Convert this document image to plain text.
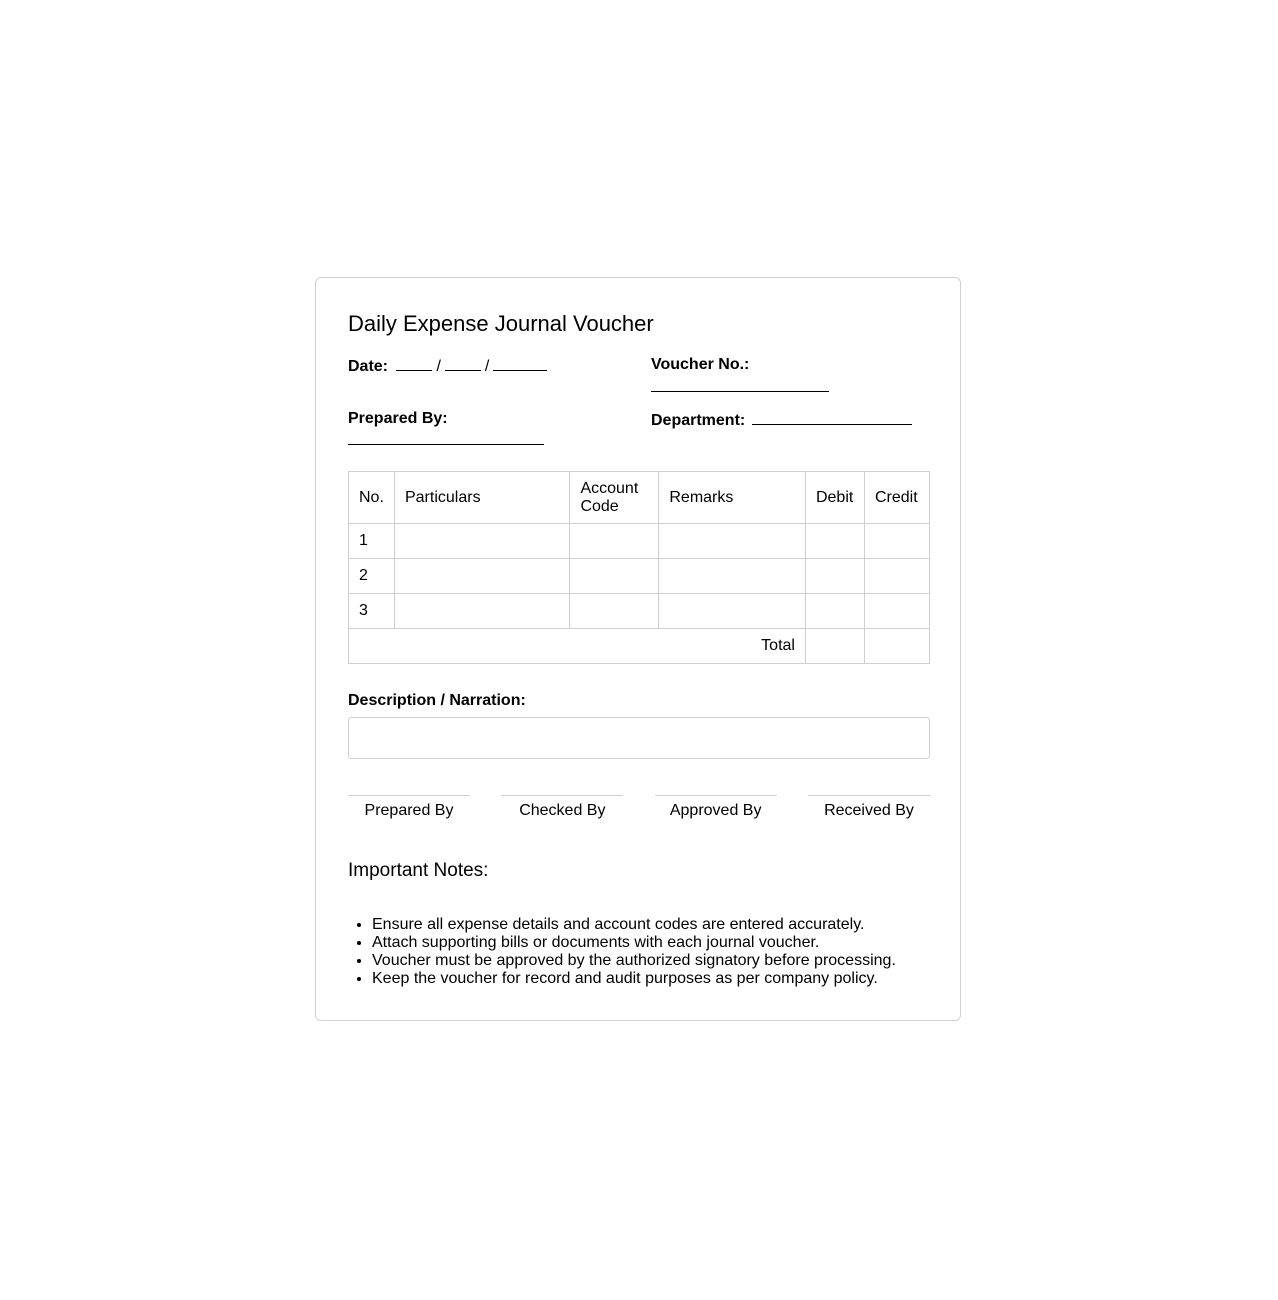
Daily Expense Journal Voucher
Date:	/	/	Voucher No.:
Prepared By:	Department:
No.	Particulars	Account Code	Remarks	Debit	Credit
1					
2					
3					
Total					
Description / Narration:
Prepared By	Checked By	Approved By	Received By
Important Notes:
• Ensure all expense details and account codes are entered accurately.
• Attach supporting bills or documents with each journal voucher.
• Voucher must be approved by the authorized signatory before processing.
• Keep the voucher for record and audit purposes as per company policy.
